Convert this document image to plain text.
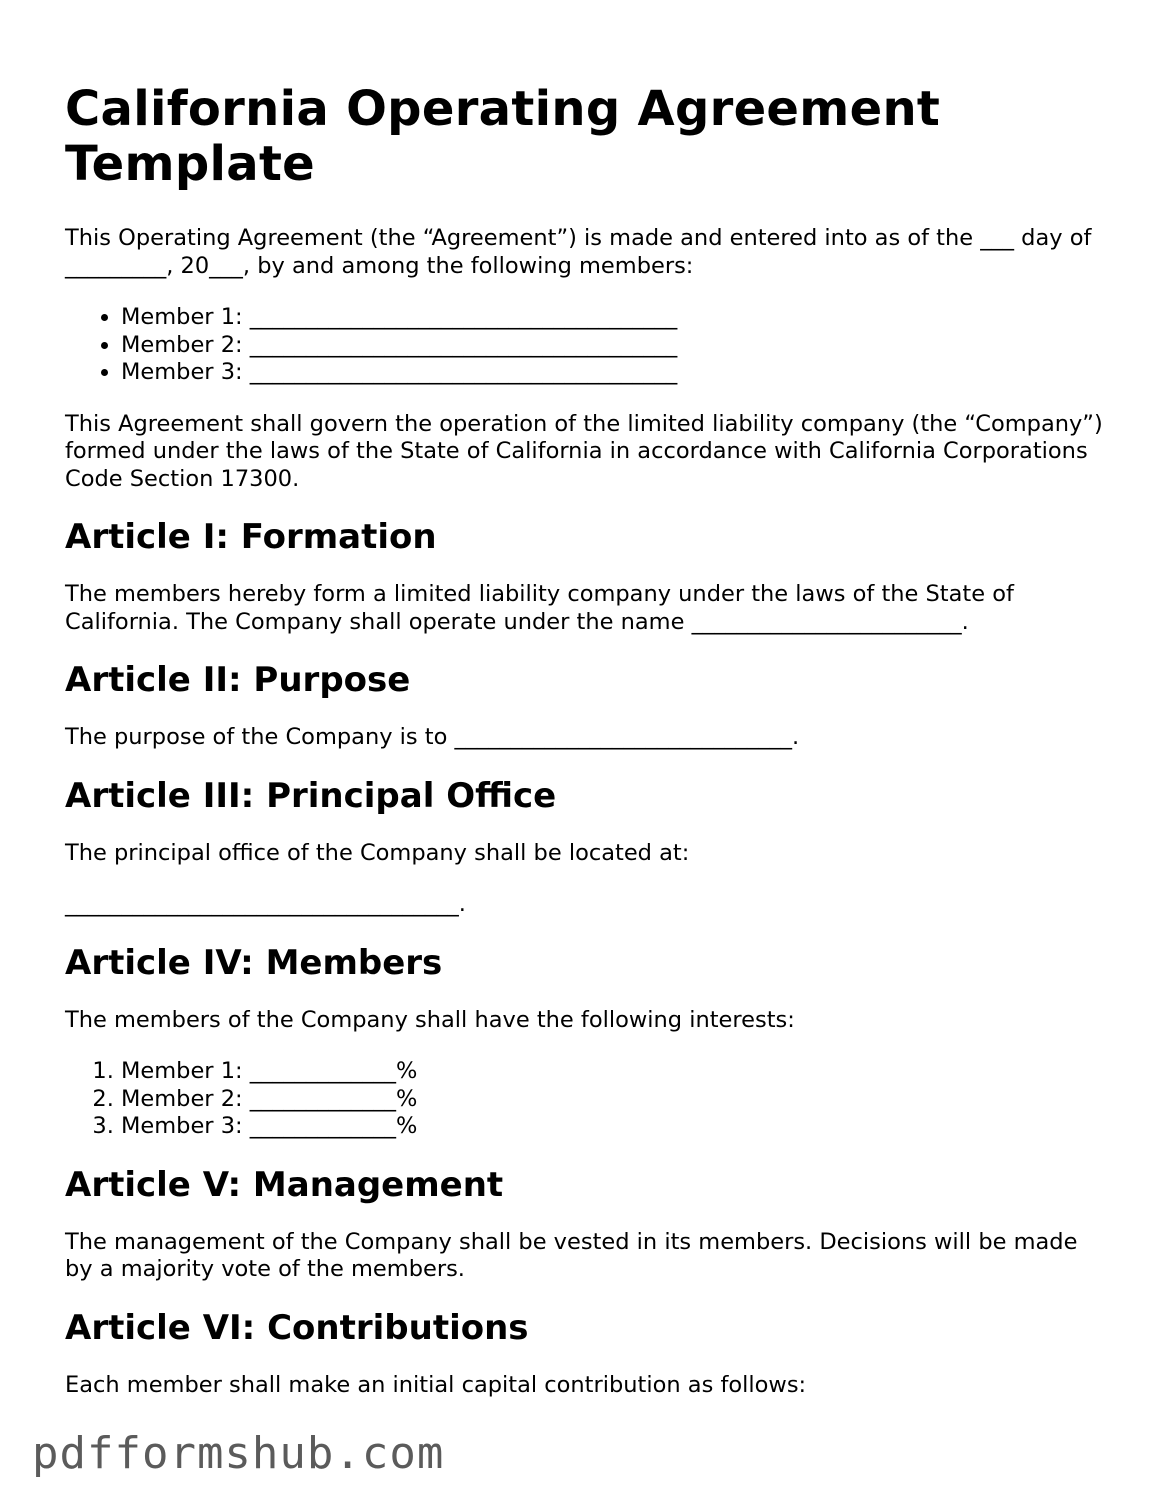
California Operating Agreement Template

This Operating Agreement (the “Agreement”) is made and entered into as of the ___ day of _________, 20___, by and among the following members:

• Member 1: ______________________________________
• Member 2: ______________________________________
• Member 3: ______________________________________

This Agreement shall govern the operation of the limited liability company (the “Company”) formed under the laws of the State of California in accordance with California Corporations Code Section 17300.

Article I: Formation

The members hereby form a limited liability company under the laws of the State of California. The Company shall operate under the name ________________________.

Article II: Purpose

The purpose of the Company is to ______________________________.

Article III: Principal Office

The principal office of the Company shall be located at:

___________________________________.

Article IV: Members

The members of the Company shall have the following interests:

1. Member 1: _____________%
2. Member 2: _____________%
3. Member 3: _____________%
Article V: Management

The management of the Company shall be vested in its members. Decisions will be made by a majority vote of the members.

Article VI: Contributions

Each member shall make an initial capital contribution as follows:

pdfformshub.com
